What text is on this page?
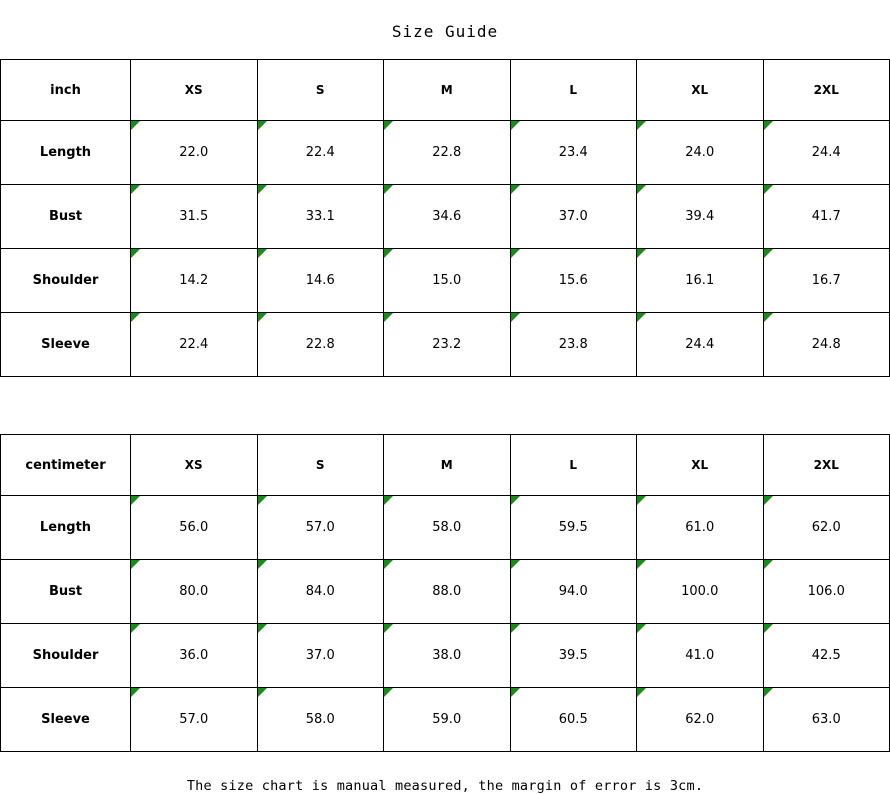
Size Guide
inch	XS	S	M	L	XL	2XL
Length	22.0	22.4	22.8	23.4	24.0	24.4
Bust	31.5	33.1	34.6	37.0	39.4	41.7
Shoulder	14.2	14.6	15.0	15.6	16.1	16.7
Sleeve	22.4	22.8	23.2	23.8	24.4	24.8
centimeter	XS	S	M	L	XL	2XL
Length	56.0	57.0	58.0	59.5	61.0	62.0
Bust	80.0	84.0	88.0	94.0	100.0	106.0
Shoulder	36.0	37.0	38.0	39.5	41.0	42.5
Sleeve	57.0	58.0	59.0	60.5	62.0	63.0
The size chart is manual measured, the margin of error is 3cm.
